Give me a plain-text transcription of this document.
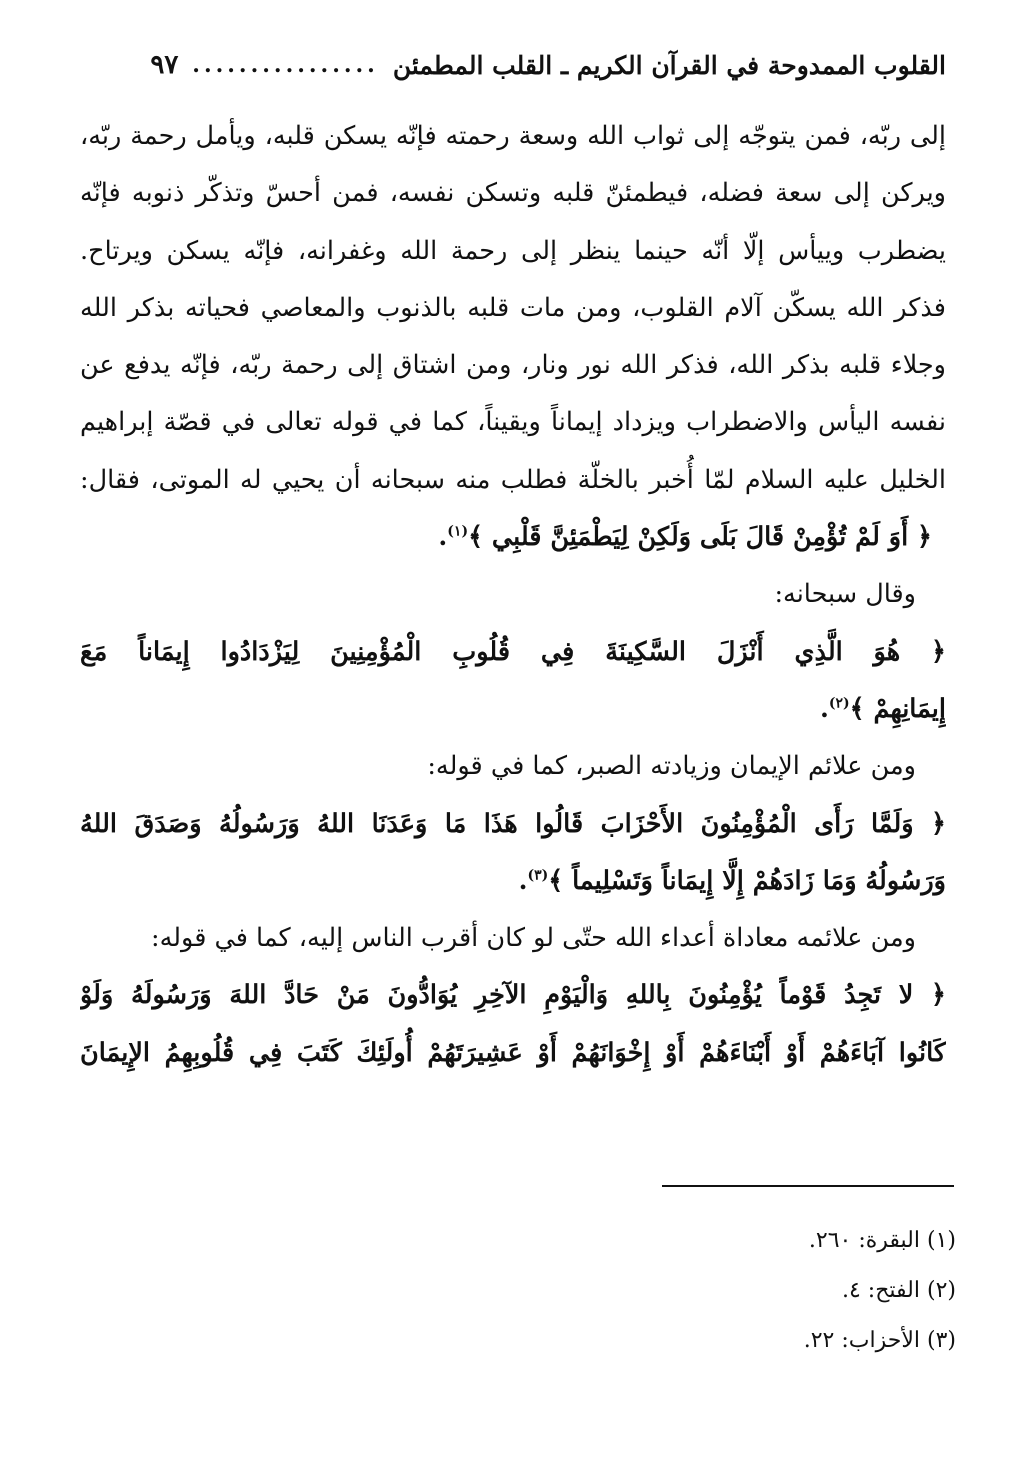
القلوب الممدوحة في القرآن الكريم ـ القلب المطمئن
................
٩٧
إلى ربّه، فمن يتوجّه إلى ثواب الله وسعة رحمته فإنّه يسكن قلبه، ويأمل رحمة ربّه،
ويركن إلى سعة فضله، فيطمئنّ قلبه وتسكن نفسه، فمن أحسّ وتذكّر ذنوبه فإنّه
يضطرب وييأس إلّا أنّه حينما ينظر إلى رحمة الله وغفرانه، فإنّه يسكن ويرتاح.
فذكر الله يسكّن آلام القلوب، ومن مات قلبه بالذنوب والمعاصي فحياته بذكر الله
وجلاء قلبه بذكر الله، فذكر الله نور ونار، ومن اشتاق إلى رحمة ربّه، فإنّه يدفع عن
نفسه اليأس والاضطراب ويزداد إيماناً ويقيناً، كما في قوله تعالى في قصّة إبراهيم
الخليل عليه السلام لمّا أُخبر بالخلّة فطلب منه سبحانه أن يحيي له الموتى، فقال:
﴿ أَوَ لَمْ تُؤْمِنْ قَالَ بَلَى وَلَكِنْ لِيَطْمَئِنَّ قَلْبِي ﴾$^{(١)}$.
وقال سبحانه:
﴿ هُوَ الَّذِي أَنْزَلَ السَّكِينَةَ فِي قُلُوبِ الْمُؤْمِنِينَ لِيَزْدَادُوا إِيمَاناً مَعَ
إِيمَانِهِمْ ﴾$^{(٢)}$.
ومن علائم الإيمان وزيادته الصبر، كما في قوله:
﴿ وَلَمَّا رَأَى الْمُؤْمِنُونَ الأَحْزَابَ قَالُوا هَذَا مَا وَعَدَنَا اللهُ وَرَسُولُهُ وَصَدَقَ اللهُ
وَرَسُولُهُ وَمَا زَادَهُمْ إِلَّا إِيمَاناً وَتَسْلِيماً ﴾$^{(٣)}$.
ومن علائمه معاداة أعداء الله حتّى لو كان أقرب الناس إليه، كما في قوله:
﴿ لا تَجِدُ قَوْماً يُؤْمِنُونَ بِاللهِ وَالْيَوْمِ الآخِرِ يُوَادُّونَ مَنْ حَادَّ اللهَ وَرَسُولَهُ وَلَوْ
كَانُوا آبَاءَهُمْ أَوْ أَبْنَاءَهُمْ أَوْ إِخْوَانَهُمْ أَوْ عَشِيرَتَهُمْ أُولَئِكَ كَتَبَ فِي قُلُوبِهِمُ الإِيمَانَ
(١) البقرة: ٢٦٠.
(٢) الفتح: ٤.
(٣) الأحزاب: ٢٢.
